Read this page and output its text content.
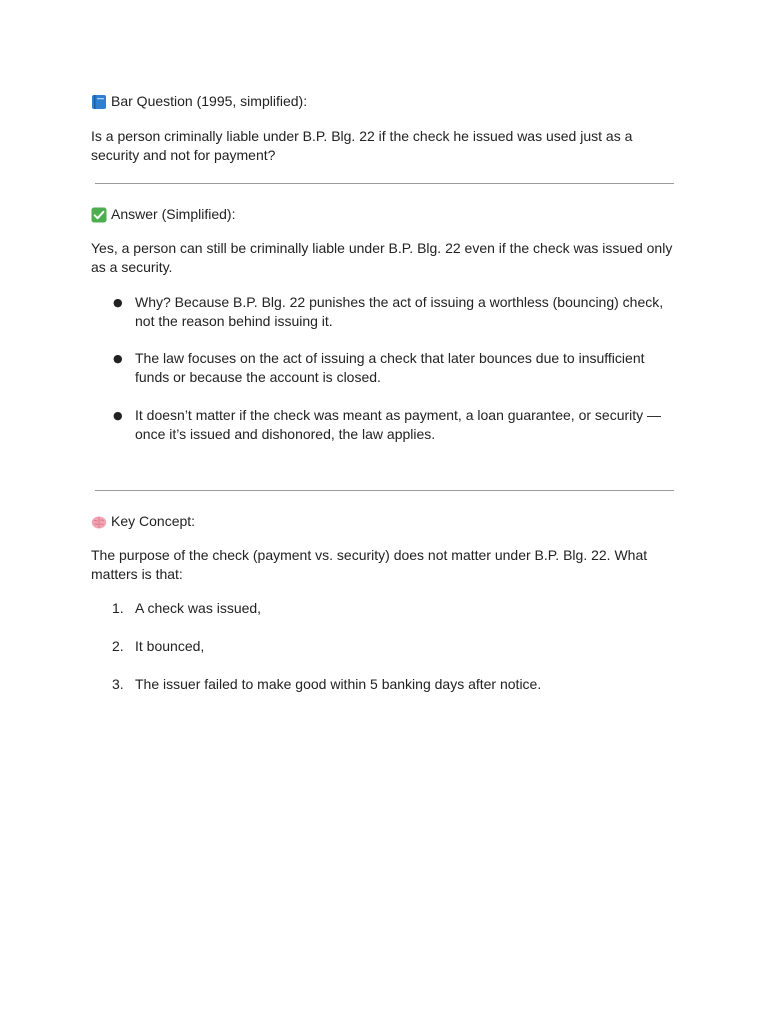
Bar Question (1995, simplified):

Is a person criminally liable under B.P. Blg. 22 if the check he issued was used just as a security and not for payment?

Answer (Simplified):

Yes, a person can still be criminally liable under B.P. Blg. 22 even if the check was issued only as a security.

● Why? Because B.P. Blg. 22 punishes the act of issuing a worthless (bouncing) check, not the reason behind issuing it.
● The law focuses on the act of issuing a check that later bounces due to insufficient funds or because the account is closed.
● It doesn’t matter if the check was meant as payment, a loan guarantee, or security — once it’s issued and dishonored, the law applies.
Key Concept:

The purpose of the check (payment vs. security) does not matter under B.P. Blg. 22. What matters is that:

1. A check was issued,
2. It bounced,
3. The issuer failed to make good within 5 banking days after notice.
